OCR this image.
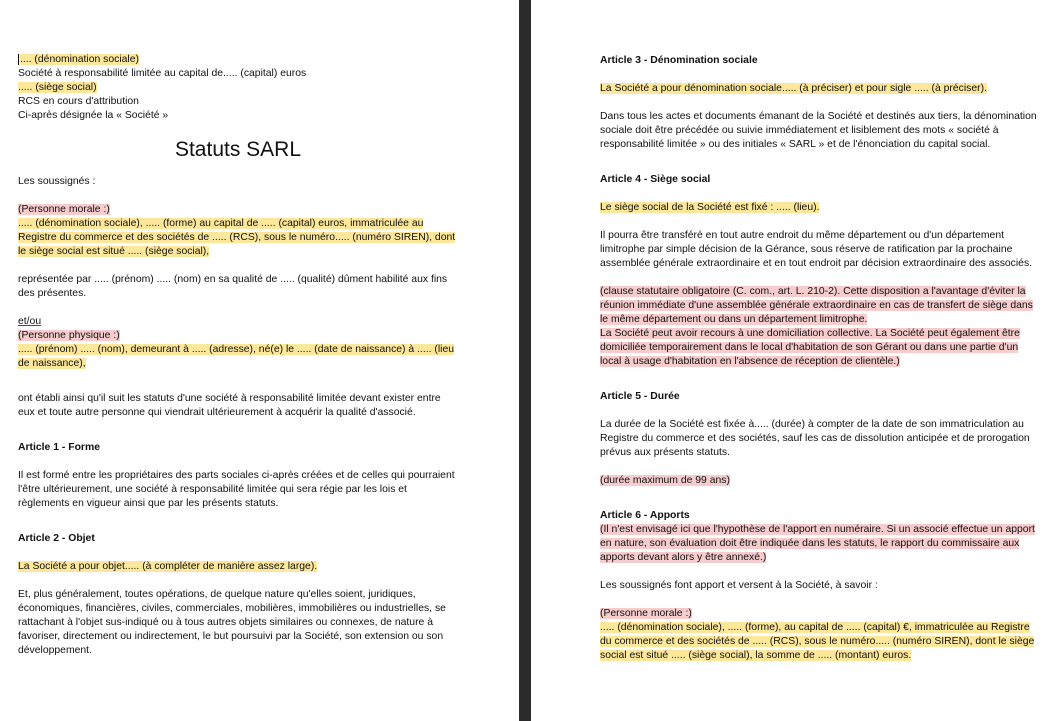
.... (dénomination sociale)

Société à responsabilité limitée au capital de..... (capital) euros

..... (siège social)

RCS en cours d'attribution

Ci-après désignée la « Société »

Statuts SARL

Les soussignés :

(Personne morale :)

..... (dénomination sociale), ..... (forme) au capital de ..... (capital) euros, immatriculée au Registre du commerce et des sociétés de ..... (RCS), sous le numéro..... (numéro SIREN), dont le siège social est situé ..... (siège social),

représentée par ..... (prénom) ..... (nom) en sa qualité de ..... (qualité) dûment habilité aux fins des présentes.

et/ou

(Personne physique :)

..... (prénom) ..... (nom), demeurant à ..... (adresse), né(e) le ..... (date de naissance) à ..... (lieu de naissance),

ont établi ainsi qu'il suit les statuts d'une société à responsabilité limitée devant exister entre eux et toute autre personne qui viendrait ultérieurement à acquérir la qualité d'associé.

Article 1 - Forme

Il est formé entre les propriétaires des parts sociales ci-après créées et de celles qui pourraient l'être ultérieurement, une société à responsabilité limitée qui sera régie par les lois et règlements en vigueur ainsi que par les présents statuts.

Article 2 - Objet

La Société a pour objet..... (à compléter de manière assez large).

Et, plus généralement, toutes opérations, de quelque nature qu'elles soient, juridiques, économiques, financières, civiles, commerciales, mobilières, immobilières ou industrielles, se rattachant à l'objet sus-indiqué ou à tous autres objets similaires ou connexes, de nature à favoriser, directement ou indirectement, le but poursuivi par la Société, son extension ou son développement.

Article 3 - Dénomination sociale

La Société a pour dénomination sociale..... (à préciser) et pour sigle ..... (à préciser).

Dans tous les actes et documents émanant de la Société et destinés aux tiers, la dénomination sociale doit être précédée ou suivie immédiatement et lisiblement des mots « société à responsabilité limitée » ou des initiales « SARL » et de l'énonciation du capital social.

Article 4 - Siège social

Le siège social de la Société est fixé : ..... (lieu).

Il pourra être transféré en tout autre endroit du même département ou d'un département limitrophe par simple décision de la Gérance, sous réserve de ratification par la prochaine assemblée générale extraordinaire et en tout endroit par décision extraordinaire des associés.

(clause statutaire obligatoire (C. com., art. L. 210-2). Cette disposition a l'avantage d'éviter la réunion immédiate d'une assemblée générale extraordinaire en cas de transfert de siège dans le même département ou dans un département limitrophe.

La Société peut avoir recours à une domiciliation collective. La Société peut également être domiciliée temporairement dans le local d'habitation de son Gérant ou dans une partie d'un local à usage d'habitation en l'absence de réception de clientèle.)

Article 5 - Durée

La durée de la Société est fixée à..... (durée) à compter de la date de son immatriculation au Registre du commerce et des sociétés, sauf les cas de dissolution anticipée et de prorogation prévus aux présents statuts.

(durée maximum de 99 ans)

Article 6 - Apports

(Il n'est envisagé ici que l'hypothèse de l'apport en numéraire. Si un associé effectue un apport en nature, son évaluation doit être indiquée dans les statuts, le rapport du commissaire aux apports devant alors y être annexé.)

Les soussignés font apport et versent à la Société, à savoir :

(Personne morale :)

..... (dénomination sociale), ..... (forme), au capital de ..... (capital) €, immatriculée au Registre du commerce et des sociétés de ..... (RCS), sous le numéro..... (numéro SIREN), dont le siège social est situé ..... (siège social), la somme de ..... (montant) euros.
